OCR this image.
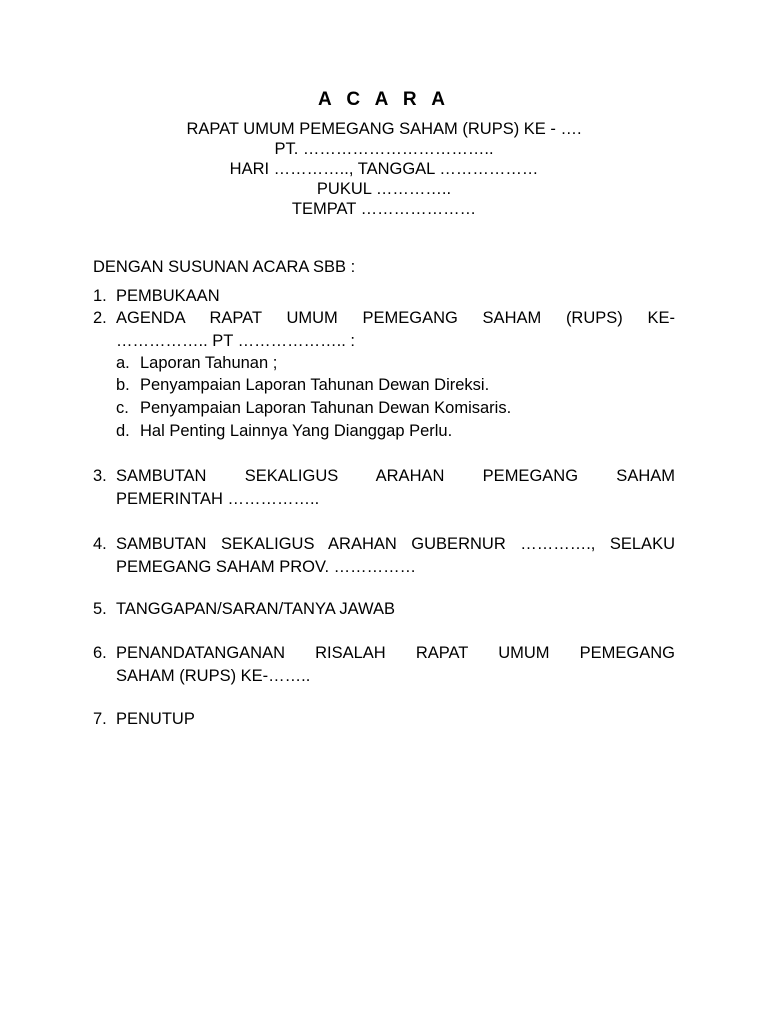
A C A R A
RAPAT UMUM PEMEGANG SAHAM (RUPS) KE - ….
PT. ……………………………..
HARI ………….., TANGGAL ………………
PUKUL …………..
TEMPAT …………………
DENGAN SUSUNAN ACARA SBB :
1. PEMBUKAAN
2. AGENDA RAPAT UMUM PEMEGANG SAHAM (RUPS) KE-
…………….. PT ……………….. :
a. Laporan Tahunan ;
b. Penyampaian Laporan Tahunan Dewan Direksi.
c. Penyampaian Laporan Tahunan Dewan Komisaris.
d. Hal Penting Lainnya Yang Dianggap Perlu.
3. SAMBUTAN SEKALIGUS ARAHAN PEMEGANG SAHAM
PEMERINTAH ……………..
4. SAMBUTAN SEKALIGUS ARAHAN GUBERNUR …………., SELAKU
PEMEGANG SAHAM PROV. ……………
5. TANGGAPAN/SARAN/TANYA JAWAB
6. PENANDATANGANAN RISALAH RAPAT UMUM PEMEGANG
SAHAM (RUPS) KE-……..
7. PENUTUP
